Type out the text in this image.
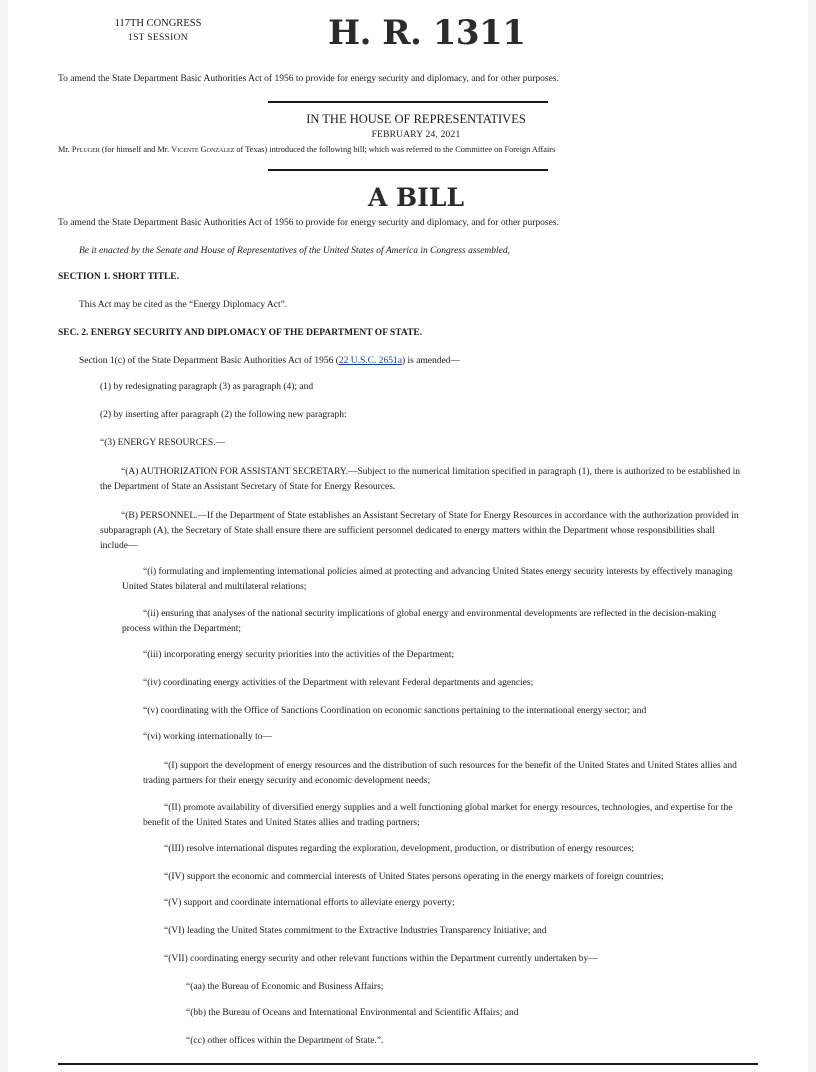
117TH CONGRESS
1ST SESSION	H. R. 1311
To amend the State Department Basic Authorities Act of 1956 to provide for energy security and diplomacy, and for other purposes.
IN THE HOUSE OF REPRESENTATIVES
FEBRUARY 24, 2021
Mr. Pfluger (for himself and Mr. Vicente Gonzalez of Texas) introduced the following bill; which was referred to the Committee on Foreign Affairs
A BILL
To amend the State Department Basic Authorities Act of 1956 to provide for energy security and diplomacy, and for other purposes.
Be it enacted by the Senate and House of Representatives of the United States of America in Congress assembled,
SECTION 1. SHORT TITLE.
This Act may be cited as the “Energy Diplomacy Act”.
SEC. 2. ENERGY SECURITY AND DIPLOMACY OF THE DEPARTMENT OF STATE.
Section 1(c) of the State Department Basic Authorities Act of 1956 (22 U.S.C. 2651a) is amended—
(1) by redesignating paragraph (3) as paragraph (4); and
(2) by inserting after paragraph (2) the following new paragraph:
“(3) ENERGY RESOURCES.—
“(A) AUTHORIZATION FOR ASSISTANT SECRETARY.—Subject to the numerical limitation specified in paragraph (1), there is authorized to be established in the Department of State an Assistant Secretary of State for Energy Resources.
“(B) PERSONNEL.—If the Department of State establishes an Assistant Secretary of State for Energy Resources in accordance with the authorization provided in subparagraph (A), the Secretary of State shall ensure there are sufficient personnel dedicated to energy matters within the Department whose responsibilities shall include—
“(i) formulating and implementing international policies aimed at protecting and advancing United States energy security interests by effectively managing United States bilateral and multilateral relations;
“(ii) ensuring that analyses of the national security implications of global energy and environmental developments are reflected in the decision-making process within the Department;
“(iii) incorporating energy security priorities into the activities of the Department;
“(iv) coordinating energy activities of the Department with relevant Federal departments and agencies;
“(v) coordinating with the Office of Sanctions Coordination on economic sanctions pertaining to the international energy sector; and
“(vi) working internationally to—
“(I) support the development of energy resources and the distribution of such resources for the benefit of the United States and United States allies and trading partners for their energy security and economic development needs;
“(II) promote availability of diversified energy supplies and a well functioning global market for energy resources, technologies, and expertise for the benefit of the United States and United States allies and trading partners;
“(III) resolve international disputes regarding the exploration, development, production, or distribution of energy resources;
“(IV) support the economic and commercial interests of United States persons operating in the energy markets of foreign countries;
“(V) support and coordinate international efforts to alleviate energy poverty;
“(VI) leading the United States commitment to the Extractive Industries Transparency Initiative; and
“(VII) coordinating energy security and other relevant functions within the Department currently undertaken by—
“(aa) the Bureau of Economic and Business Affairs;
“(bb) the Bureau of Oceans and International Environmental and Scientific Affairs; and
“(cc) other offices within the Department of State.”.
